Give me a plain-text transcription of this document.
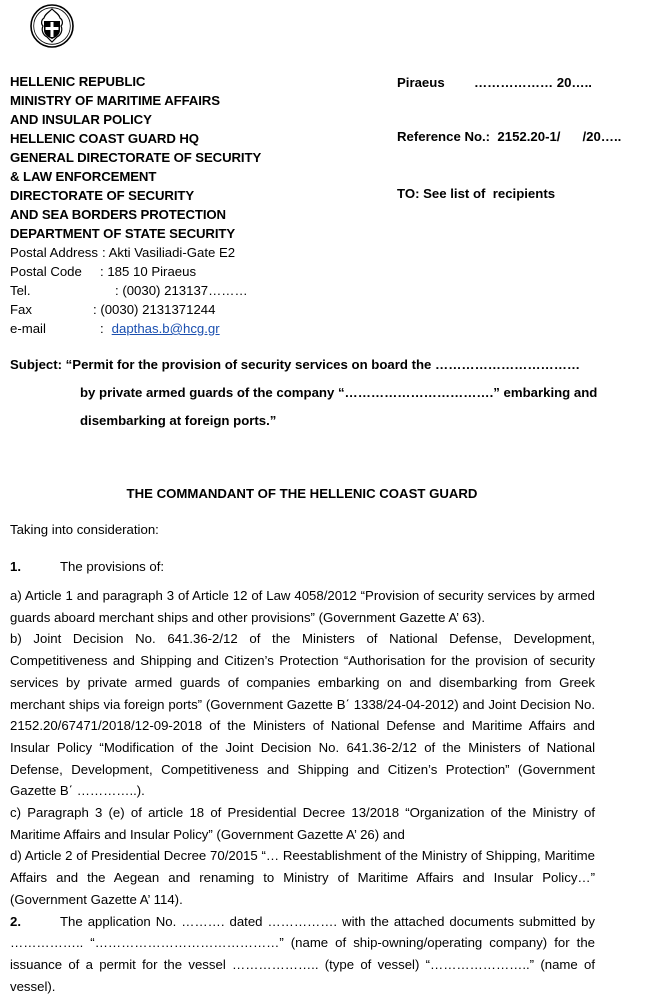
HELLENIC REPUBLIC
MINISTRY OF MARITIME AFFAIRS
AND INSULAR POLICY
HELLENIC COAST GUARD HQ
GENERAL DIRECTORATE OF SECURITY
& LAW ENFORCEMENT
DIRECTORATE OF SECURITY
AND SEA BORDERS PROTECTION
DEPARTMENT OF STATE SECURITY
Postal Address : Akti Vasiliadi-Gate E2
Postal Code	: 185 10 Piraeus
Tel.	: (0030) 213137………
Fax	: (0030) 2131371244
e-mail	: dapthas.b@hcg.gr
Piraeus        ……………… 20…..
Reference No.:  2152.20-1/      /20…..
TO: See list of  recipients
Subject: “Permit for the provision of security services on board the ……………………………
by private armed guards of the company “…………………………….” embarking and
disembarking at foreign ports.”
THE COMMANDANT OF THE HELLENIC COAST GUARD
Taking into consideration:
1.	The provisions of:
a) Article 1 and paragraph 3 of Article 12 of Law 4058/2012 “Provision of security services by armed guards aboard merchant ships and other provisions” (Government Gazette A’ 63).
b) Joint Decision No. 641.36-2/12 of the Ministers of National Defense, Development, Competitiveness and Shipping and Citizen’s Protection “Authorisation for the provision of security services by private armed guards of companies embarking on and disembarking from Greek merchant ships via foreign ports” (Government Gazette B΄ 1338/24-04-2012) and Joint Decision No. 2152.20/67471/2018/12-09-2018 of the Ministers of National Defense and Maritime Affairs and Insular Policy “Modification of the Joint Decision No. 641.36-2/12 of the Ministers of National Defense, Development, Competitiveness and Shipping and Citizen’s Protection” (Government Gazette B΄ …………..).
c) Paragraph 3 (e) of article 18 of Presidential Decree 13/2018 “Organization of the Ministry of Maritime Affairs and Insular Policy” (Government Gazette A’ 26) and
d) Article 2 of Presidential Decree 70/2015 “… Reestablishment of the Ministry of Shipping, Maritime Affairs and the Aegean and renaming to Ministry of Maritime Affairs and Insular Policy…” (Government Gazette A’ 114).
2.	The application No. ………. dated ……………. with the attached documents submitted by …………….. “……………………………………” (name of ship-owning/operating company) for the issuance of a permit for the vessel ……………….. (type of vessel) “…………………..” (name of vessel).
